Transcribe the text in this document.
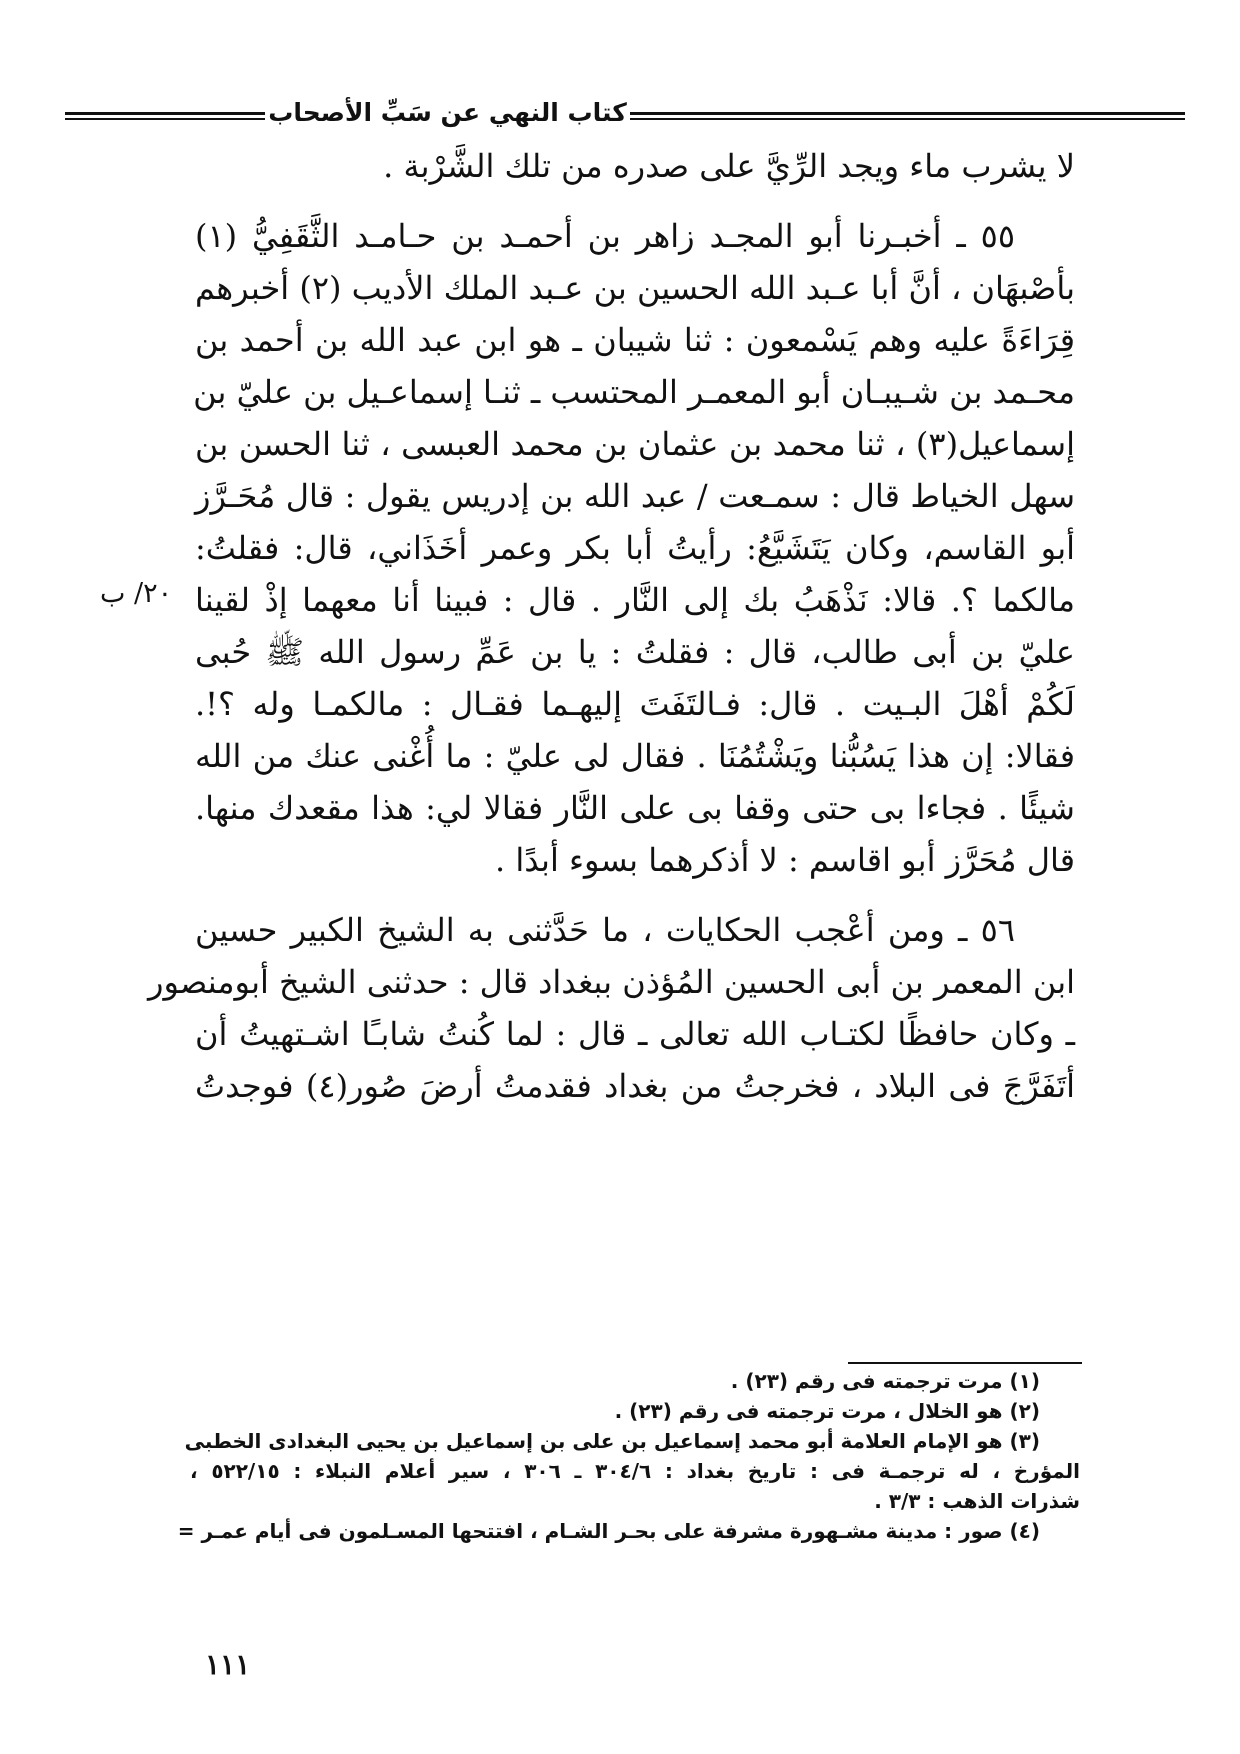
كتاب النهي عن سَبِّ الأصحاب
لا يشرب ماء ويجد الرِّيَّ على صدره من تلك الشَّرْبة .
٥٥ ـ أخبـرنا أبو المجـد زاهر بن أحمـد بن حـامـد الثَّقَفِيُّ (١)
بأصْبهَان ، أنَّ أبا عـبد الله الحسين بن عـبد الملك الأديب (٢) أخبرهم
قِرَاءَةً عليه وهم يَسْمعون : ثنا شيبان ـ هو ابن عبد الله بن أحمد بن
محـمد بن شـيبـان أبو المعمـر المحتسب ـ ثنـا إسماعـيل بن عليّ بن
إسماعيل(٣) ، ثنا محمد بن عثمان بن محمد العبسى ، ثنا الحسن بن
سهل الخياط قال : سمـعت / عبد الله بن إدريس يقول : قال مُحَـرَّز
أبو القاسم، وكان يَتَشَيَّعُ: رأيتُ أبا بكر وعمر أخَذَاني، قال: فقلتُ:
مالكما ؟. قالا: نَذْهَبُ بك إلى النَّار . قال : فبينا أنا معهما إذْ لقينا
عليّ بن أبى طالب، قال : فقلتُ : يا بن عَمِّ رسول الله ﷺ حُبى
لَكُمْ أهْلَ البـيت . قال: فـالتَفَتَ إليهـما فقـال : مالكمـا وله ؟!.
فقالا: إن هذا يَسُبُّنا ويَشْتُمُنَا . فقال لى عليّ : ما أُغْنى عنك من الله
شيئًا . فجاءا بى حتى وقفا بى على النَّار فقالا لي: هذا مقعدك منها.
قال مُحَرَّز أبو اقاسم : لا أذكرهما بسوء أبدًا .
٥٦ ـ ومن أعْجب الحكايات ، ما حَدَّثنى به الشيخ الكبير حسين
ابن المعمر بن أبى الحسين المُؤذن ببغداد قال : حدثنى الشيخ أبومنصور
ـ وكان حافظًا لكتـاب الله تعالى ـ قال : لما كُنتُ شابـًا اشـتهيتُ أن
أتَفَرَّجَ فى البلاد ، فخرجتُ من بغداد فقدمتُ أرضَ صُور(٤) فوجدتُ
٢٠/ ب
(١) مرت ترجمته فى رقم (٢٣) .
(٢) هو الخلال ، مرت ترجمته فى رقم (٢٣) .
(٣) هو الإمام العلامة أبو محمد إسماعيل بن على بن إسماعيل بن يحيى البغدادى الخطبى
المؤرخ ، له ترجمـة فى : تاريخ بغداد : ٣٠٤/٦ ـ ٣٠٦ ، سير أعلام النبلاء : ٥٢٢/١٥ ،
شذرات الذهب : ٣/٣ .
(٤) صور : مدينة مشـهورة مشرفة على بحـر الشـام ، افتتحها المسـلمون فى أيام عمـر =
١١١
